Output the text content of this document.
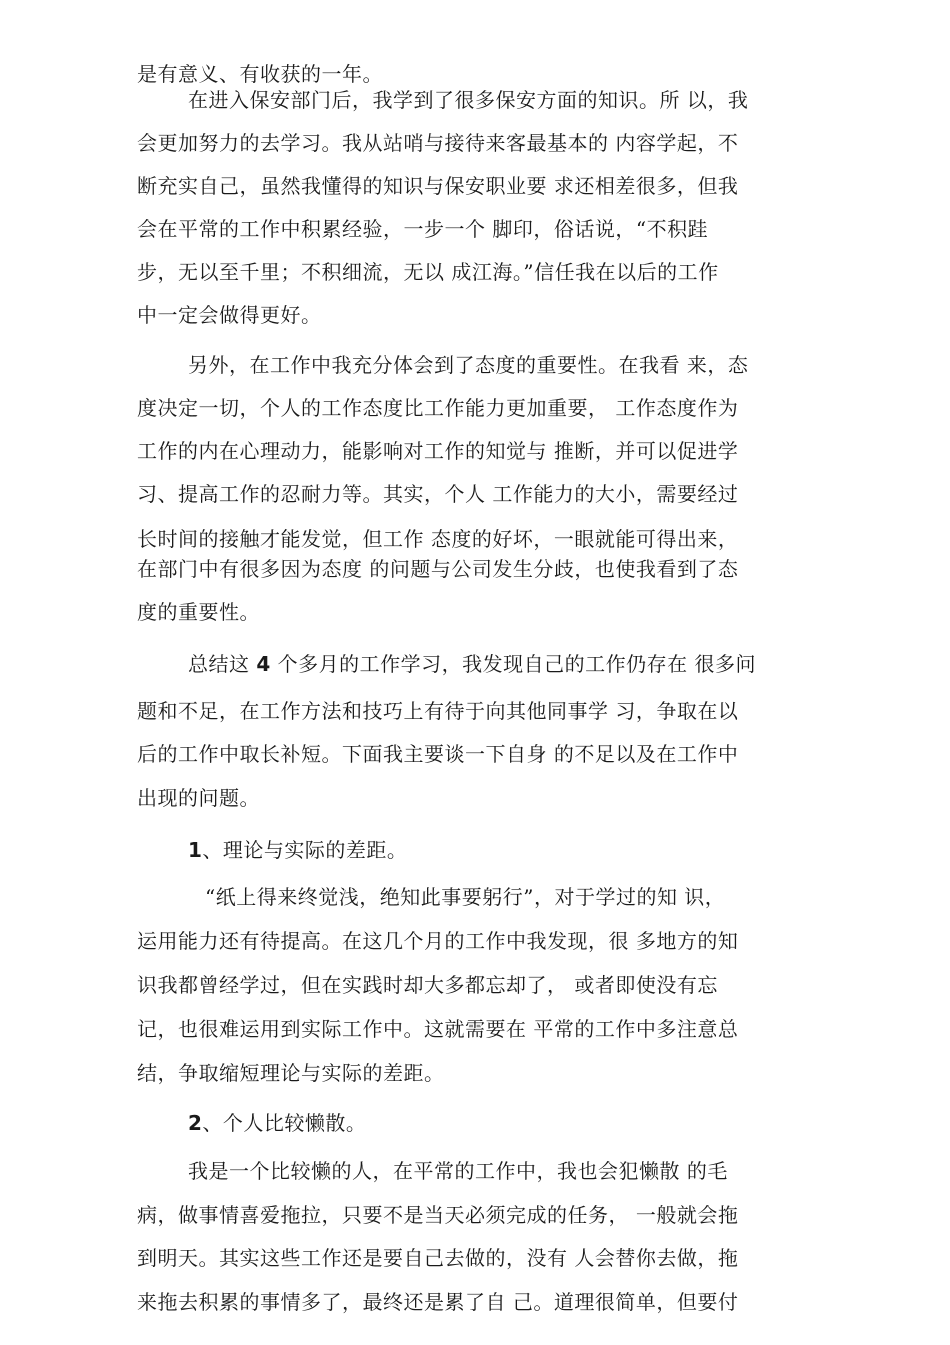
是有意义、有收获的一年。
在进入保安部门后，我学到了很多保安方面的知识。所 以，我
会更加努力的去学习。我从站哨与接待来客最基本的 内容学起，不
断充实自己，虽然我懂得的知识与保安职业要 求还相差很多，但我
会在平常的工作中积累经验，一步一个 脚印，俗话说，“不积跬
步，无以至千里；不积细流，无以 成江海。”信任我在以后的工作
中一定会做得更好。
另外，在工作中我充分体会到了态度的重要性。在我看 来，态
度决定一切，个人的工作态度比工作能力更加重要， 工作态度作为
工作的内在心理动力，能影响对工作的知觉与 推断，并可以促进学
习、提高工作的忍耐力等。其实，个人 工作能力的大小，需要经过
长时间的接触才能发觉，但工作 态度的好坏，一眼就能可得出来，
在部门中有很多因为态度 的问题与公司发生分歧，也使我看到了态
度的重要性。
总结这 4 个多月的工作学习，我发现自己的工作仍存在 很多问
题和不足，在工作方法和技巧上有待于向其他同事学 习，争取在以
后的工作中取长补短。下面我主要谈一下自身 的不足以及在工作中
出现的问题。
1、理论与实际的差距。
“纸上得来终觉浅，绝知此事要躬行”，对于学过的知 识，
运用能力还有待提高。在这几个月的工作中我发现，很 多地方的知
识我都曾经学过，但在实践时却大多都忘却了， 或者即使没有忘
记，也很难运用到实际工作中。这就需要在 平常的工作中多注意总
结，争取缩短理论与实际的差距。
2、个人比较懒散。
我是一个比较懒的人，在平常的工作中，我也会犯懒散 的毛
病，做事情喜爱拖拉，只要不是当天必须完成的任务， 一般就会拖
到明天。其实这些工作还是要自己去做的，没有 人会替你去做，拖
来拖去积累的事情多了，最终还是累了自 己。道理很简单，但要付
